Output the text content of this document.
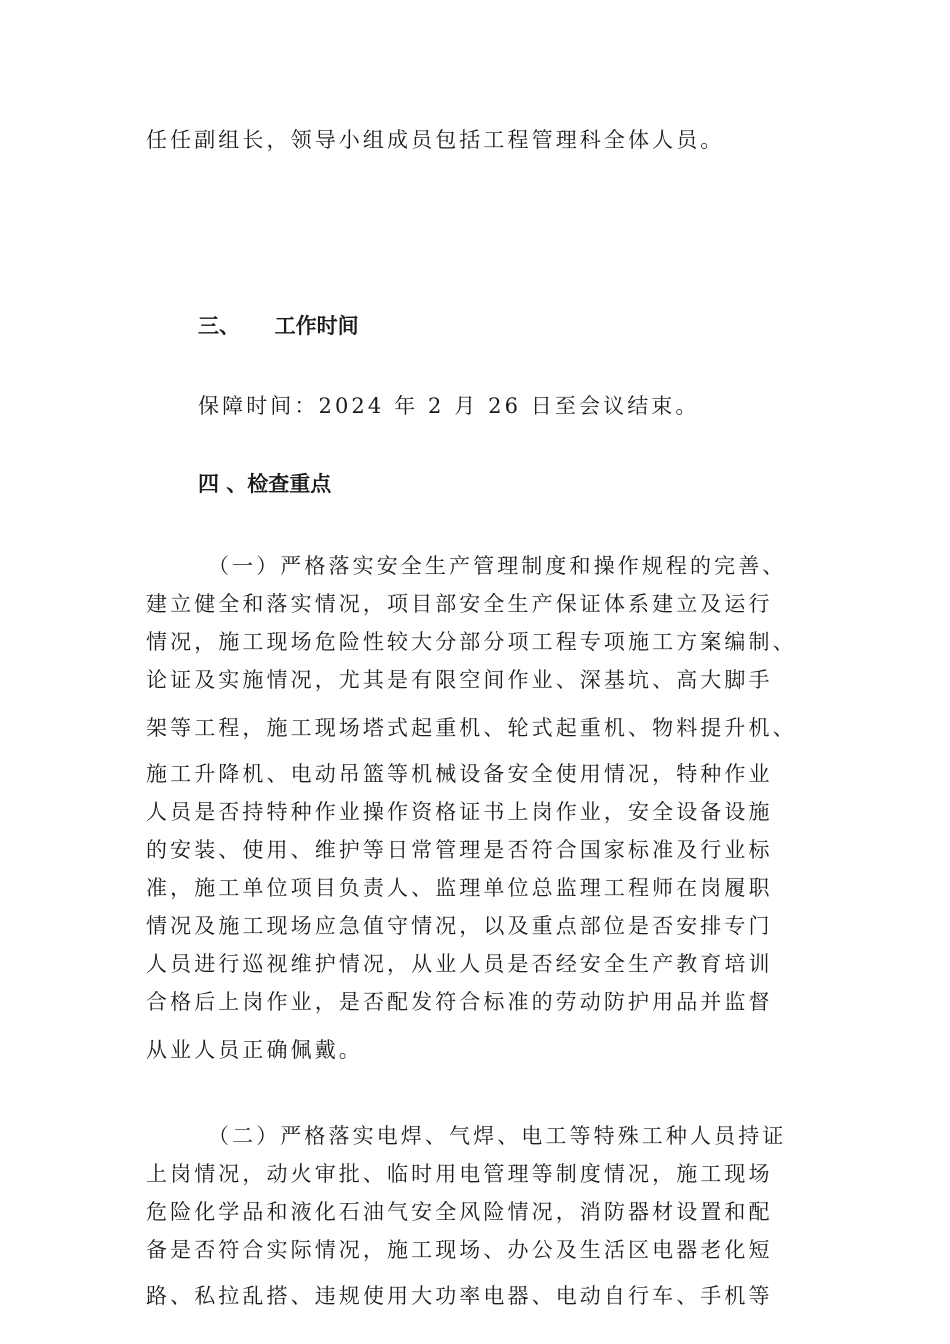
任任副组长，领导小组成员包括工程管理科全体人员。
三、 工作时间
保障时间：2024 年 2 月 26 日至会议结束。
四 、检查重点
（一）严格落实安全生产管理制度和操作规程的完善、
建立健全和落实情况，项目部安全生产保证体系建立及运行
情况，施工现场危险性较大分部分项工程专项施工方案编制、
论证及实施情况，尤其是有限空间作业、深基坑、高大脚手
架等工程，施工现场塔式起重机、轮式起重机、物料提升机、
施工升降机、电动吊篮等机械设备安全使用情况，特种作业
人员是否持特种作业操作资格证书上岗作业，安全设备设施
的安装、使用、维护等日常管理是否符合国家标准及行业标
准，施工单位项目负责人、监理单位总监理工程师在岗履职
情况及施工现场应急值守情况，以及重点部位是否安排专门
人员进行巡视维护情况，从业人员是否经安全生产教育培训
合格后上岗作业，是否配发符合标准的劳动防护用品并监督
从业人员正确佩戴。
（二）严格落实电焊、气焊、电工等特殊工种人员持证
上岗情况，动火审批、临时用电管理等制度情况，施工现场
危险化学品和液化石油气安全风险情况，消防器材设置和配
备是否符合实际情况，施工现场、办公及生活区电器老化短
路、私拉乱搭、违规使用大功率电器、电动自行车、手机等
